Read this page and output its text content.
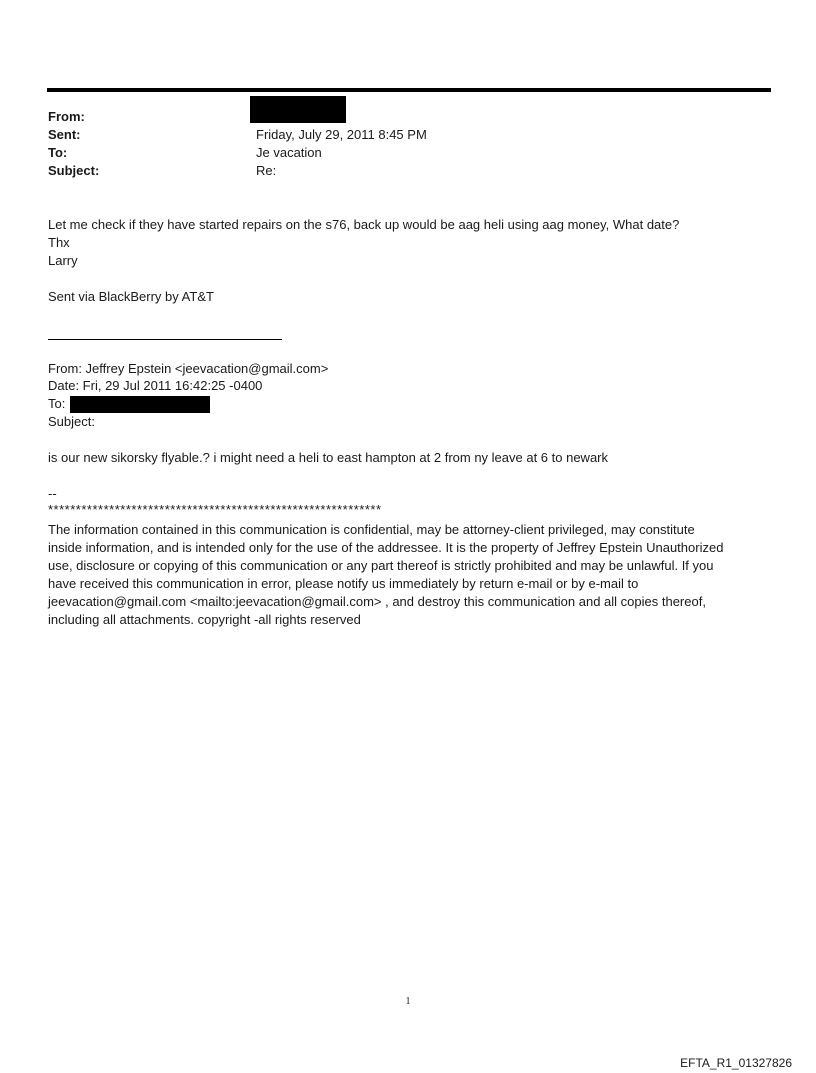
From:
Sent:	Friday, July 29, 2011 8:45 PM
To:	Je vacation
Subject:	Re:
Let me check if they have started repairs on the s76, back up would be aag heli using aag money, What date?
Thx
Larry
Sent via BlackBerry by AT&T
From: Jeffrey Epstein <jeevacation@gmail.com>
Date: Fri, 29 Jul 2011 16:42:25 -0400
To:
Subject:
is our new sikorsky flyable.? i might need a heli to east hampton at 2 from ny leave at 6 to newark
--
************************************************************
The information contained in this communication is confidential, may be attorney-client privileged, may constitute
inside information, and is intended only for the use of the addressee. It is the property of Jeffrey Epstein Unauthorized
use, disclosure or copying of this communication or any part thereof is strictly prohibited and may be unlawful. If you
have received this communication in error, please notify us immediately by return e-mail or by e-mail to
jeevacation@gmail.com <mailto:jeevacation@gmail.com> , and destroy this communication and all copies thereof,
including all attachments. copyright -all rights reserved
1
EFTA_R1_01327826
